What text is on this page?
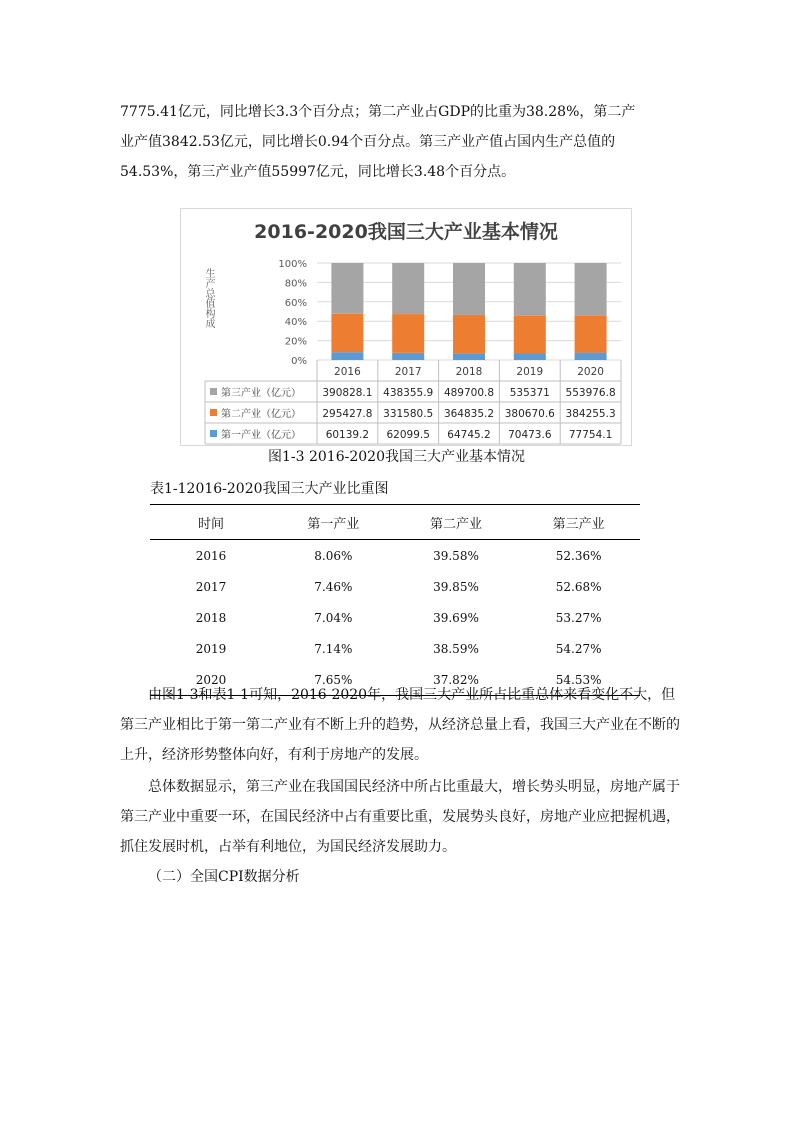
7775.41亿元，同比增长3.3个百分点；第二产业占GDP的比重为38.28%，第二产
业产值3842.53亿元，同比增长0.94个百分点。第三产业产值占国内生产总值的
54.53%，第三产业产值55997亿元，同比增长3.48个百分点。
2016-2020我国三大产业基本情况
0%
20%
40%
60%
80%
100%
2016	2017	2018	2019	2020
第三产业（亿元） 390828.1 438355.9 489700.8 535371 553976.8
第二产业（亿元） 295427.8 331580.5 364835.2 380670.6 384255.3
第一产业（亿元） 60139.2 62099.5 64745.2 70473.6 77754.1
生产总值构成
图1-3 2016-2020我国三大产业基本情况
表1-12016-2020我国三大产业比重图
时间	第一产业	第二产业	第三产业
2016	8.06%	39.58%	52.36%
2017	7.46%	39.85%	52.68%
2018	7.04%	39.69%	53.27%
2019	7.14%	38.59%	54.27%
2020	7.65%	37.82%	54.53%
由图1-3和表1-1可知，2016-2020年，我国三大产业所占比重总体来看变化不大，但第三产业相比于第一第二产业有不断上升的趋势，从经济总量上看，我国三大产业在不断的上升，经济形势整体向好，有利于房地产的发展。
总体数据显示，第三产业在我国国民经济中所占比重最大，增长势头明显，房地产属于第三产业中重要一环，在国民经济中占有重要比重，发展势头良好，房地产业应把握机遇，抓住发展时机，占举有利地位，为国民经济发展助力。
（二）全国CPI数据分析
